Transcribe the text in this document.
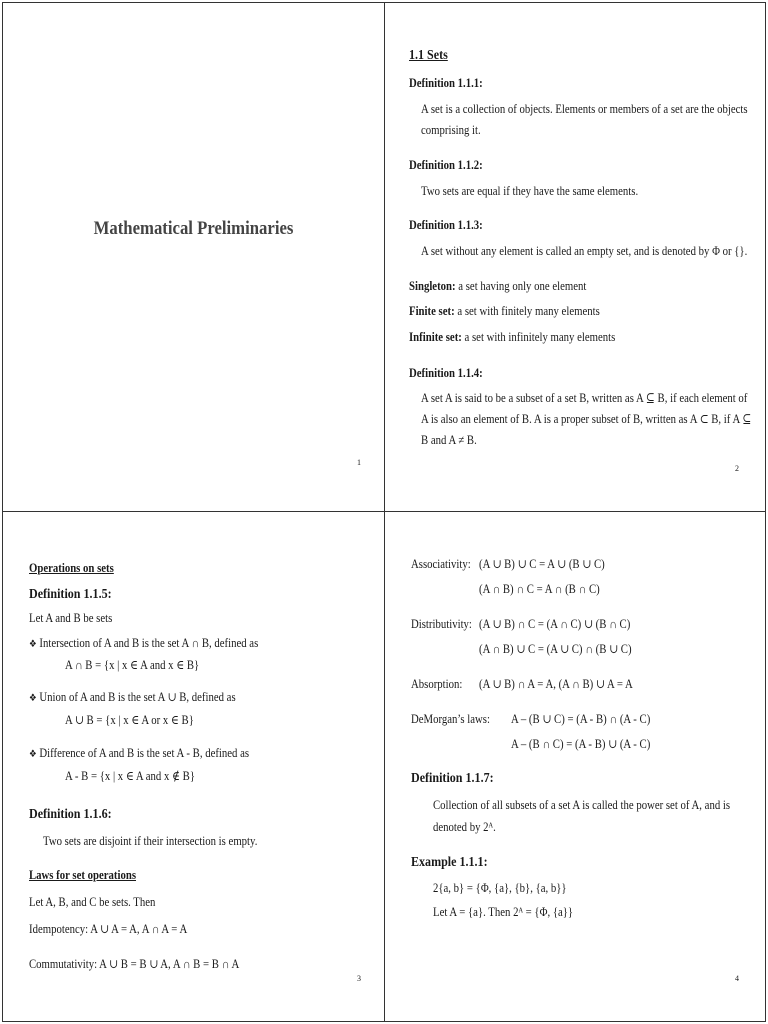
Mathematical Preliminaries
1
1.1 Sets
Definition 1.1.1:
A set is a collection of objects. Elements or members of a set are the objects
comprising it.
Definition 1.1.2:
Two sets are equal if they have the same elements.
Definition 1.1.3:
A set without any element is called an empty set, and is denoted by Φ or {}.
Singleton: a set having only one element
Finite set: a set with finitely many elements
Infinite set: a set with infinitely many elements
Definition 1.1.4:
A set A is said to be a subset of a set B, written as A ⊆ B, if each element of
A is also an element of B. A is a proper subset of B, written as A ⊂ B, if A ⊆
B and A ≠ B.
2
Operations on sets
Definition 1.1.5:
Let A and B be sets
❖ Intersection of A and B is the set A ∩ B, defined as
A ∩ B = {x | x ∈ A and x ∈ B}
❖ Union of A and B is the set A ∪ B, defined as
A ∪ B = {x | x ∈ A or x ∈ B}
❖ Difference of A and B is the set A - B, defined as
A - B = {x | x ∈ A and x ∉ B}
Definition 1.1.6:
Two sets are disjoint if their intersection is empty.
Laws for set operations
Let A, B, and C be sets. Then
Idempotency: A ∪ A = A, A ∩ A = A
Commutativity: A ∪ B = B ∪ A, A ∩ B = B ∩ A
3
Associativity: (A ∪ B) ∪ C = A ∪ (B ∪ C)
(A ∩ B) ∩ C = A ∩ (B ∩ C)
Distributivity: (A ∪ B) ∩ C = (A ∩ C) ∪ (B ∩ C)
(A ∩ B) ∪ C = (A ∪ C) ∩ (B ∪ C)
Absorption: (A ∪ B) ∩ A = A, (A ∩ B) ∪ A = A
DeMorgan’s laws: A – (B ∪ C) = (A - B) ∩ (A - C)
A – (B ∩ C) = (A - B) ∪ (A - C)
Definition 1.1.7:
Collection of all subsets of a set A is called the power set of A, and is
denoted by 2ᴬ.
Example 1.1.1:
2{a, b} = {Φ, {a}, {b}, {a, b}}
Let A = {a}. Then 2ᴬ = {Φ, {a}}
4
